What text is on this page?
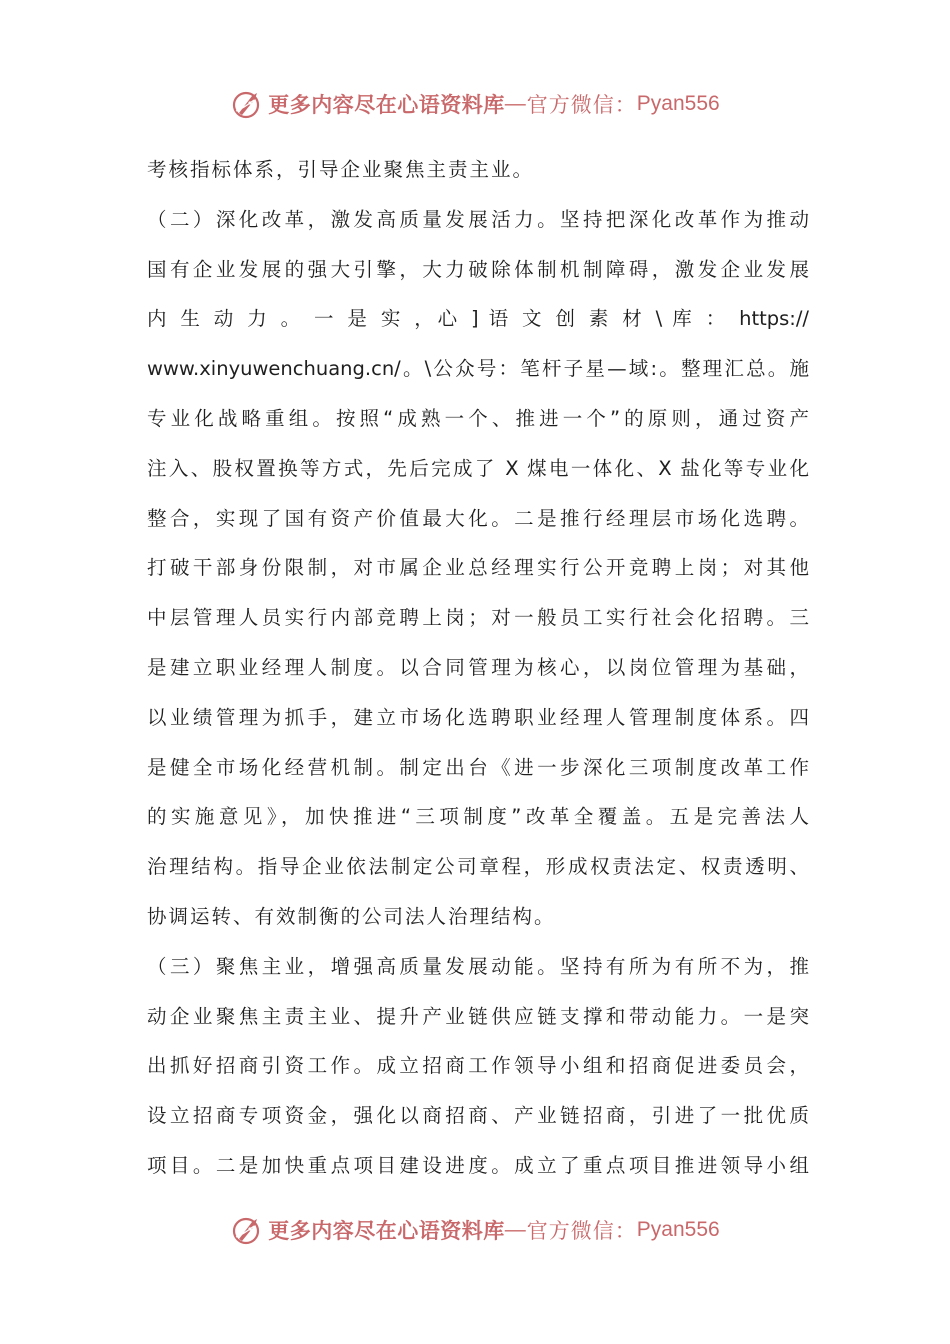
更多内容尽在心语资料库 — 官方微信： Pyan556
考核指标体系，引导企业聚焦主责主业。
（二）深化改革，激发高质量发展活力。坚持把深化改革作为推动
国有企业发展的强大引擎，大力破除体制机制障碍，激发企业发展
内 生 动 力 。 一 是 实 ，心 ] 语 文 创 素 材 \ 库 ： https://
www.xinyuwenchuang.cn/。\公众号：笔杆子星—域:。整理汇总。施
专业化战略重组。按照“成熟一个、推进一个”的原则，通过资产
注入、股权置换等方式，先后完成了 X 煤电一体化、X 盐化等专业化
整合，实现了国有资产价值最大化。二是推行经理层市场化选聘。
打破干部身份限制，对市属企业总经理实行公开竞聘上岗；对其他
中层管理人员实行内部竞聘上岗；对一般员工实行社会化招聘。三
是建立职业经理人制度。以合同管理为核心，以岗位管理为基础，
以业绩管理为抓手，建立市场化选聘职业经理人管理制度体系。四
是健全市场化经营机制。制定出台《进一步深化三项制度改革工作
的实施意见》，加快推进“三项制度”改革全覆盖。五是完善法人
治理结构。指导企业依法制定公司章程，形成权责法定、权责透明、
协调运转、有效制衡的公司法人治理结构。
（三）聚焦主业，增强高质量发展动能。坚持有所为有所不为，推
动企业聚焦主责主业、提升产业链供应链支撑和带动能力。一是突
出抓好招商引资工作。成立招商工作领导小组和招商促进委员会，
设立招商专项资金，强化以商招商、产业链招商，引进了一批优质
项目。二是加快重点项目建设进度。成立了重点项目推进领导小组
更多内容尽在心语资料库 — 官方微信： Pyan556
